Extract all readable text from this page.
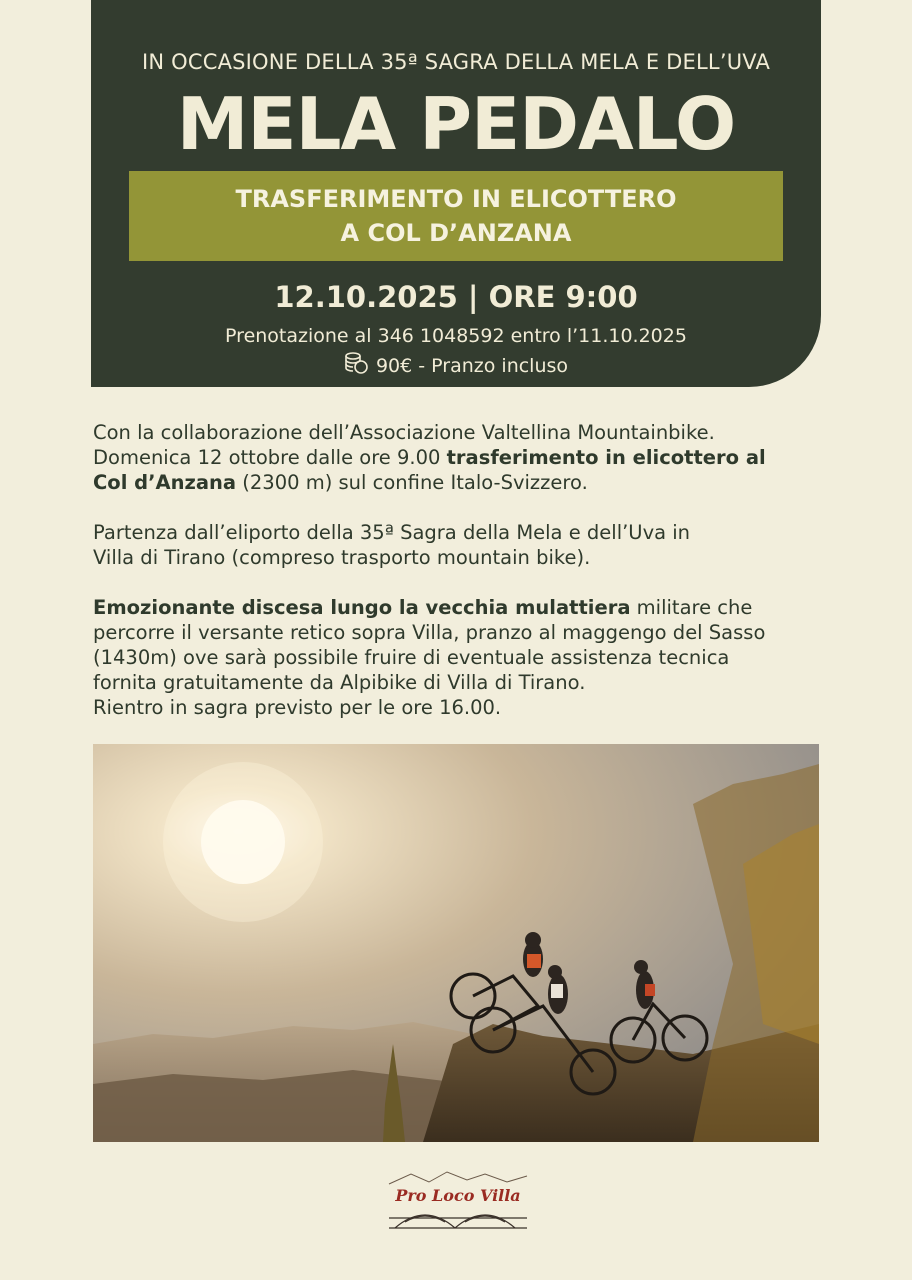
IN OCCASIONE DELLA 35ª SAGRA DELLA MELA E DELL’UVA
MELA PEDALO
TRASFERIMENTO IN ELICOTTERO
A COL D’ANZANA
12.10.2025 | ORE 9:00
Prenotazione al 346 1048592 entro l’11.10.2025
90€ - Pranzo incluso

Con la collaborazione dell’Associazione Valtellina Mountainbike.
Domenica 12 ottobre dalle ore 9.00 trasferimento in elicottero al
Col d’Anzana (2300 m) sul confine Italo-Svizzero.

Partenza dall’eliporto della 35ª Sagra della Mela e dell’Uva in
Villa di Tirano (compreso trasporto mountain bike).

Emozionante discesa lungo la vecchia mulattiera militare che
percorre il versante retico sopra Villa, pranzo al maggengo del Sasso
(1430m) ove sarà possibile fruire di eventuale assistenza tecnica
fornita gratuitamente da Alpibike di Villa di Tirano.
Rientro in sagra previsto per le ore 16.00.

Pro Loco Villa
